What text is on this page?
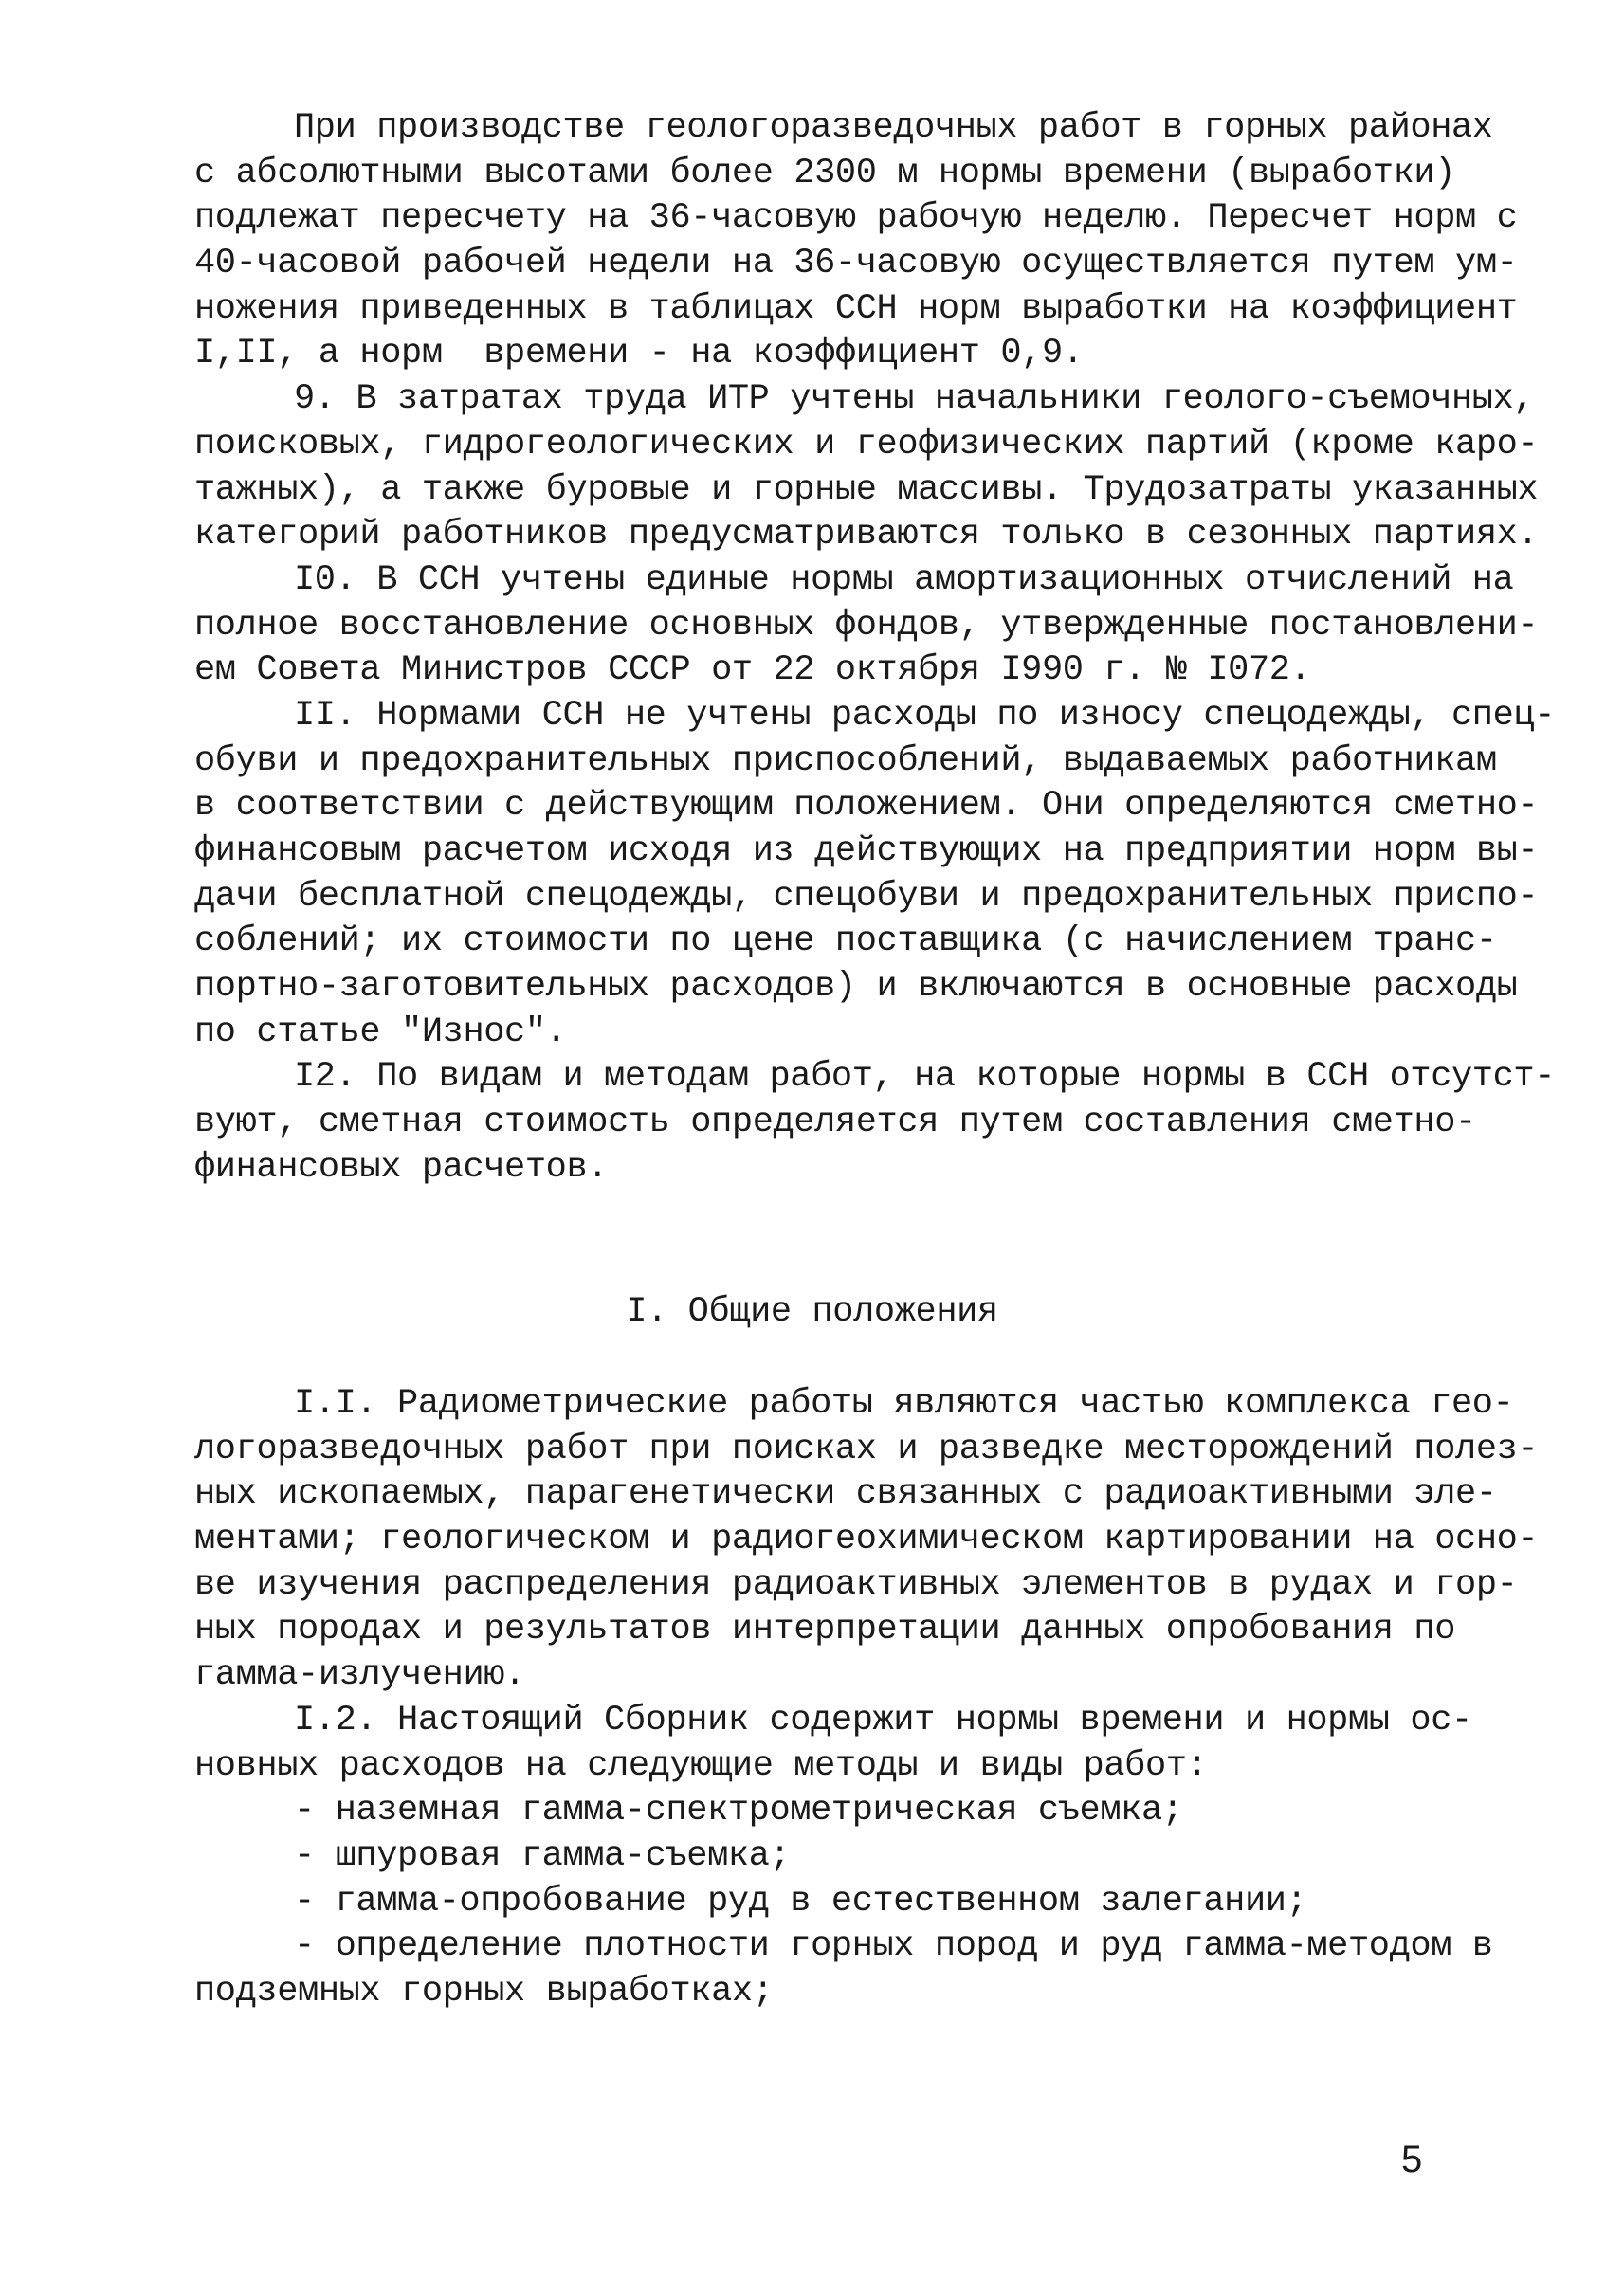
При производстве геологоразведочных работ в горных районах
с абсолютными высотами более 2300 м нормы времени (выработки)
подлежат пересчету на 36-часовую рабочую неделю. Пересчет норм с
40-часовой рабочей недели на 36-часовую осуществляется путем ум-
ножения приведенных в таблицах ССН норм выработки на коэффициент
I,II, а норм  времени - на коэффициент 0,9.
9. В затратах труда ИТР учтены начальники геолого-съемочных,
поисковых, гидрогеологических и геофизических партий (кроме каро-
тажных), а также буровые и горные массивы. Трудозатраты указанных
категорий работников предусматриваются только в сезонных партиях.
I0. В ССН учтены единые нормы амортизационных отчислений на
полное восстановление основных фондов, утвержденные постановлени-
ем Совета Министров СССР от 22 октября I990 г. № I072.
II. Нормами ССН не учтены расходы по износу спецодежды, спец-
обуви и предохранительных приспособлений, выдаваемых работникам
в соответствии с действующим положением. Они определяются сметно-
финансовым расчетом исходя из действующих на предприятии норм вы-
дачи бесплатной спецодежды, спецобуви и предохранительных приспо-
соблений; их стоимости по цене поставщика (с начислением транс-
портно-заготовительных расходов) и включаются в основные расходы
по статье "Износ".
I2. По видам и методам работ, на которые нормы в ССН отсутст-
вуют, сметная стоимость определяется путем составления сметно-
финансовых расчетов.
I. Общие положения
I.I. Радиометрические работы являются частью комплекса гео-
логоразведочных работ при поисках и разведке месторождений полез-
ных ископаемых, парагенетически связанных с радиоактивными эле-
ментами; геологическом и радиогеохимическом картировании на осно-
ве изучения распределения радиоактивных элементов в рудах и гор-
ных породах и результатов интерпретации данных опробования по
гамма-излучению.
I.2. Настоящий Сборник содержит нормы времени и нормы ос-
новных расходов на следующие методы и виды работ:
- наземная гамма-спектрометрическая съемка;
- шпуровая гамма-съемка;
- гамма-опробование руд в естественном залегании;
- определение плотности горных пород и руд гамма-методом в
подземных горных выработках;
5
